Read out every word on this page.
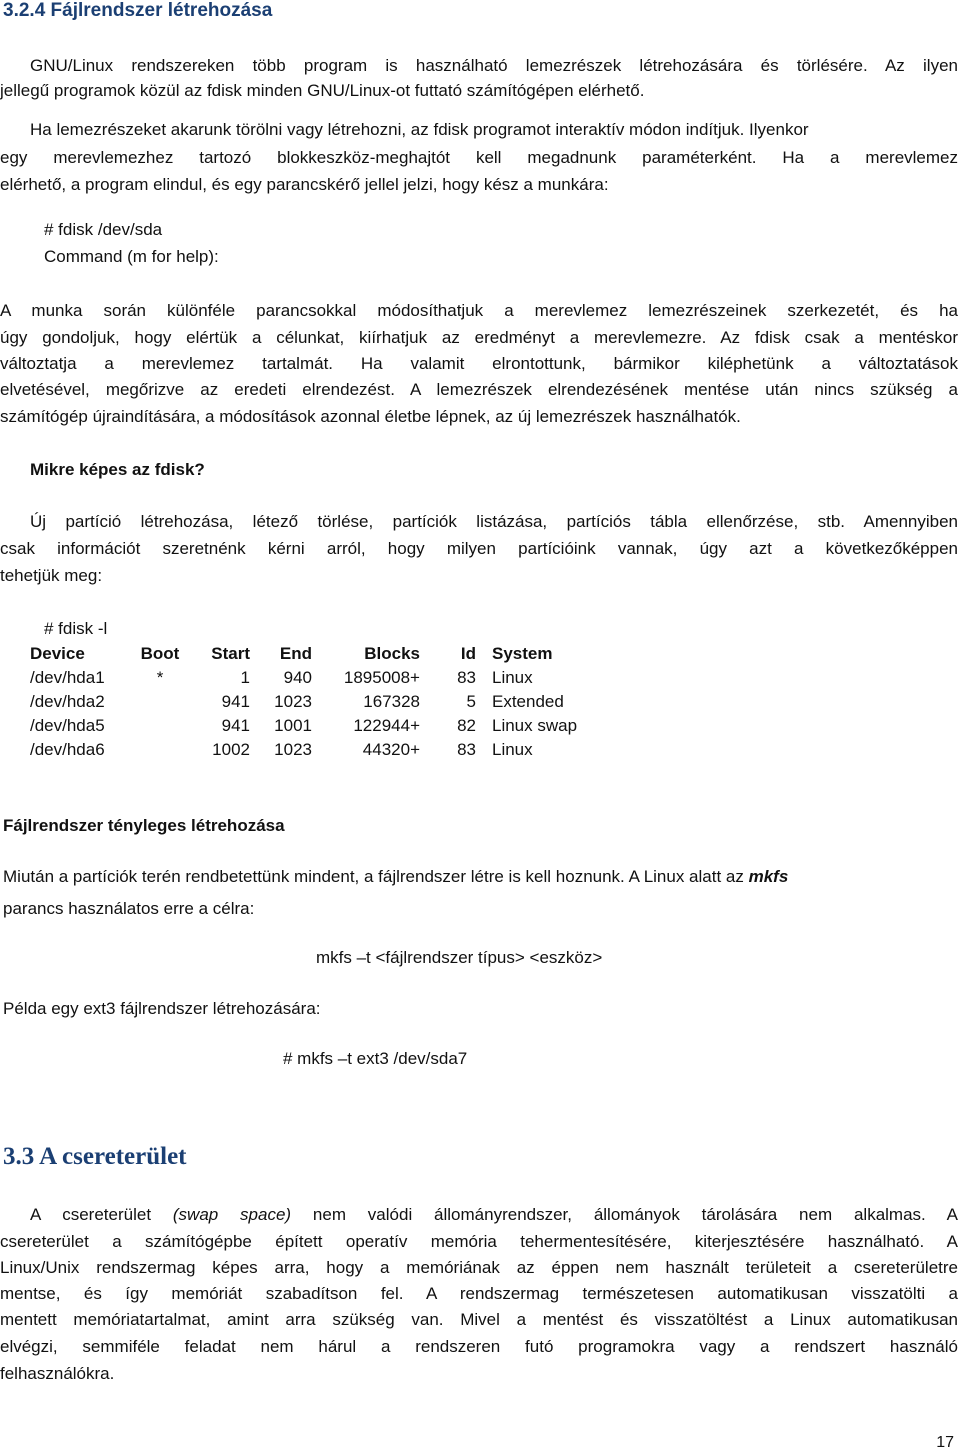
3.2.4 Fájlrendszer létrehozása
GNU/Linux rendszereken több program is használható lemezrészek létrehozására és törlésére. Az ilyen
jellegű programok közül az fdisk minden GNU/Linux-ot futtató számítógépen elérhető.
Ha lemezrészeket akarunk törölni vagy létrehozni, az fdisk programot interaktív módon indítjuk. Ilyenkor
egy merevlemezhez tartozó blokkeszköz-meghajtót kell megadnunk paraméterként. Ha a merevlemez
elérhető, a program elindul, és egy parancskérő jellel jelzi, hogy kész a munkára:
# fdisk /dev/sda
Command (m for help):
A munka során különféle parancsokkal módosíthatjuk a merevlemez lemezrészeinek szerkezetét, és ha
úgy gondoljuk, hogy elértük a célunkat, kiírhatjuk az eredményt a merevlemezre. Az fdisk csak a mentéskor
változtatja a merevlemez tartalmát. Ha valamit elrontottunk, bármikor kiléphetünk a változtatások
elvetésével, megőrizve az eredeti elrendezést. A lemezrészek elrendezésének mentése után nincs szükség a
számítógép újraindítására, a módosítások azonnal életbe lépnek, az új lemezrészek használhatók.
Mikre képes az fdisk?
Új partíció létrehozása, létező törlése, partíciók listázása, partíciós tábla ellenőrzése, stb. Amennyiben
csak információt szeretnénk kérni arról, hogy milyen partícióink vannak, úgy azt a következőképpen
tehetjük meg:
# fdisk -l
Device	Boot	Start	End	Blocks	Id	System
/dev/hda1	*	1	940	1895008+	83	Linux
/dev/hda2		941	1023	167328	5	Extended
/dev/hda5		941	1001	122944+	82	Linux swap
/dev/hda6		1002	1023	44320+	83	Linux
Fájlrendszer tényleges létrehozása
Miután a partíciók terén rendbetettünk mindent, a fájlrendszer létre is kell hoznunk. A Linux alatt az mkfs
parancs használatos erre a célra:
mkfs –t <fájlrendszer típus> <eszköz>
Példa egy ext3 fájlrendszer létrehozására:
# mkfs –t ext3 /dev/sda7
3.3 A csereterület
A csereterület (swap space) nem valódi állományrendszer, állományok tárolására nem alkalmas. A
csereterület a számítógépbe épített operatív memória tehermentesítésére, kiterjesztésére használható. A
Linux/Unix rendszermag képes arra, hogy a memóriának az éppen nem használt területeit a csereterületre
mentse, és így memóriát szabadítson fel. A rendszermag természetesen automatikusan visszatölti a
mentett memóriatartalmat, amint arra szükség van. Mivel a mentést és visszatöltést a Linux automatikusan
elvégzi, semmiféle feladat nem hárul a rendszeren futó programokra vagy a rendszert használó
felhasználókra.
17
